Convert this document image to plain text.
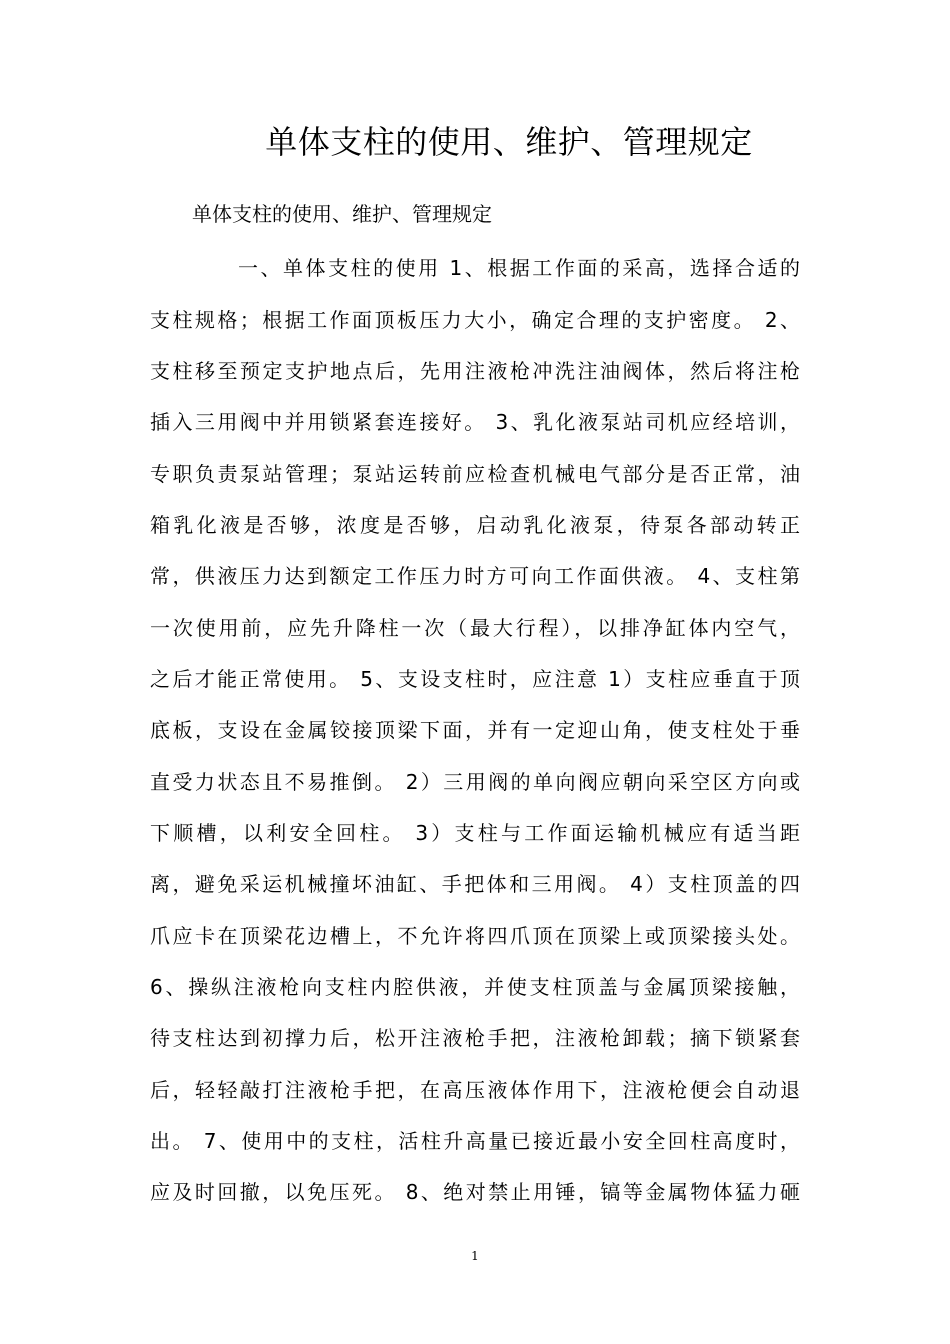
单体支柱的使用、维护、管理规定
单体支柱的使用、维护、管理规定
一、单体支柱的使用 1、根据工作面的采高，选择合适的
支柱规格；根据工作面顶板压力大小，确定合理的支护密度。 2、
支柱移至预定支护地点后，先用注液枪冲洗注油阀体，然后将注枪
插入三用阀中并用锁紧套连接好。 3、乳化液泵站司机应经培训，
专职负责泵站管理；泵站运转前应检查机械电气部分是否正常，油
箱乳化液是否够，浓度是否够，启动乳化液泵，待泵各部动转正
常，供液压力达到额定工作压力时方可向工作面供液。 4、支柱第
一次使用前，应先升降柱一次（最大行程），以排净缸体内空气，
之后才能正常使用。 5、支设支柱时，应注意 1）支柱应垂直于顶
底板，支设在金属铰接顶梁下面，并有一定迎山角，使支柱处于垂
直受力状态且不易推倒。 2）三用阀的单向阀应朝向采空区方向或
下顺槽，以利安全回柱。 3）支柱与工作面运输机械应有适当距
离，避免采运机械撞坏油缸、手把体和三用阀。 4）支柱顶盖的四
爪应卡在顶梁花边槽上，不允许将四爪顶在顶梁上或顶梁接头处。
6、操纵注液枪向支柱内腔供液，并使支柱顶盖与金属顶梁接触，
待支柱达到初撑力后，松开注液枪手把，注液枪卸载；摘下锁紧套
后，轻轻敲打注液枪手把，在高压液体作用下，注液枪便会自动退
出。 7、使用中的支柱，活柱升高量已接近最小安全回柱高度时，
应及时回撤，以免压死。 8、绝对禁止用锤，镐等金属物体猛力砸
1
